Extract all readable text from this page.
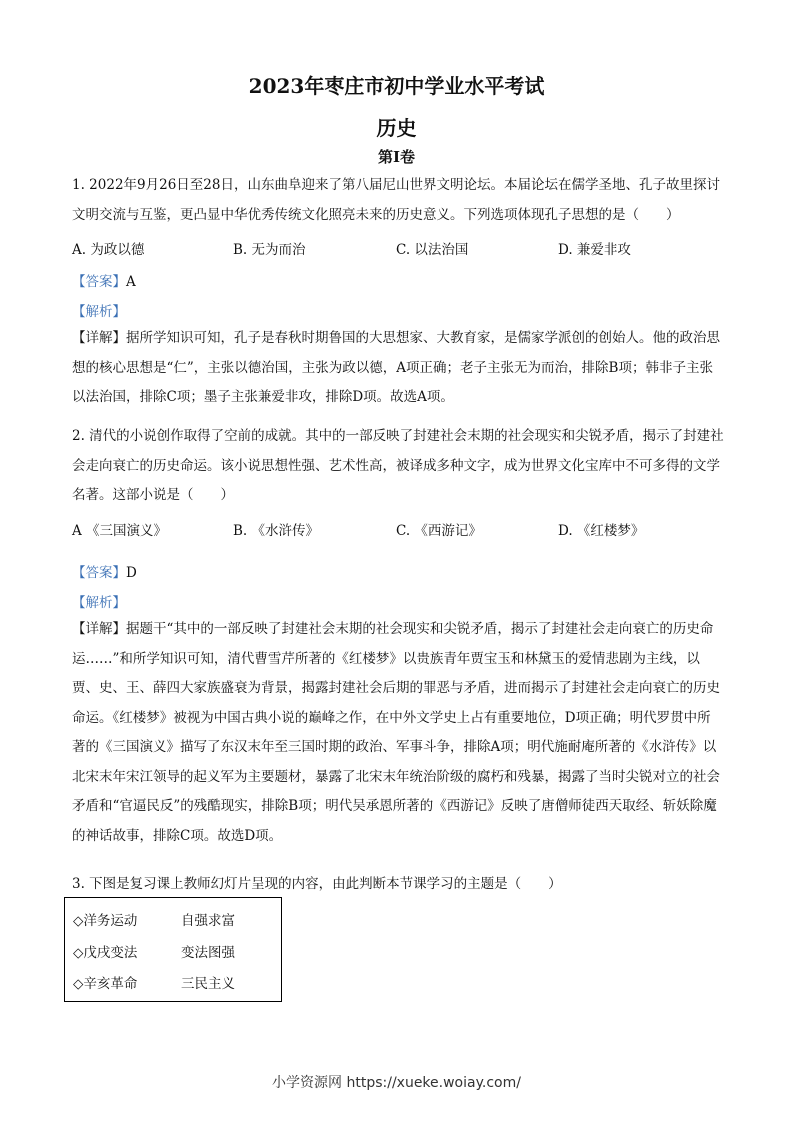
2023年枣庄市初中学业水平考试
历史
第Ⅰ卷
1. 2022年9月26日至28日，山东曲阜迎来了第八届尼山世界文明论坛。本届论坛在儒学圣地、孔子故里探讨文明交流与互鉴，更凸显中华优秀传统文化照亮未来的历史意义。下列选项体现孔子思想的是（　　）
A. 为政以德	B. 无为而治	C. 以法治国	D. 兼爱非攻
【答案】A
【解析】
【详解】据所学知识可知，孔子是春秋时期鲁国的大思想家、大教育家，是儒家学派创的创始人。他的政治思想的核心思想是“仁”，主张以德治国，主张为政以德，A项正确；老子主张无为而治，排除B项；韩非子主张以法治国，排除C项；墨子主张兼爱非攻，排除D项。故选A项。
2. 清代的小说创作取得了空前的成就。其中的一部反映了封建社会末期的社会现实和尖锐矛盾，揭示了封建社会走向衰亡的历史命运。该小说思想性强、艺术性高，被译成多种文字，成为世界文化宝库中不可多得的文学名著。这部小说是（　　）
A 《三国演义》	B. 《水浒传》	C. 《西游记》	D. 《红楼梦》
【答案】D
【解析】
【详解】据题干“其中的一部反映了封建社会末期的社会现实和尖锐矛盾，揭示了封建社会走向衰亡的历史命运……”和所学知识可知，清代曹雪芹所著的《红楼梦》以贵族青年贾宝玉和林黛玉的爱情悲剧为主线，以贾、史、王、薛四大家族盛衰为背景，揭露封建社会后期的罪恶与矛盾，进而揭示了封建社会走向衰亡的历史命运。《红楼梦》被视为中国古典小说的巅峰之作，在中外文学史上占有重要地位，D项正确；明代罗贯中所著的《三国演义》描写了东汉末年至三国时期的政治、军事斗争，排除A项；明代施耐庵所著的《水浒传》以北宋末年宋江领导的起义军为主要题材，暴露了北宋末年统治阶级的腐朽和残暴，揭露了当时尖锐对立的社会矛盾和“官逼民反”的残酷现实，排除B项；明代吴承恩所著的《西游记》反映了唐僧师徒西天取经、斩妖除魔的神话故事，排除C项。故选D项。
3. 下图是复习课上教师幻灯片呈现的内容，由此判断本节课学习的主题是（　　）
◇洋务运动	自强求富
◇戊戌变法	变法图强
◇辛亥革命	三民主义
小学资源网 https://xueke.woiay.com/
